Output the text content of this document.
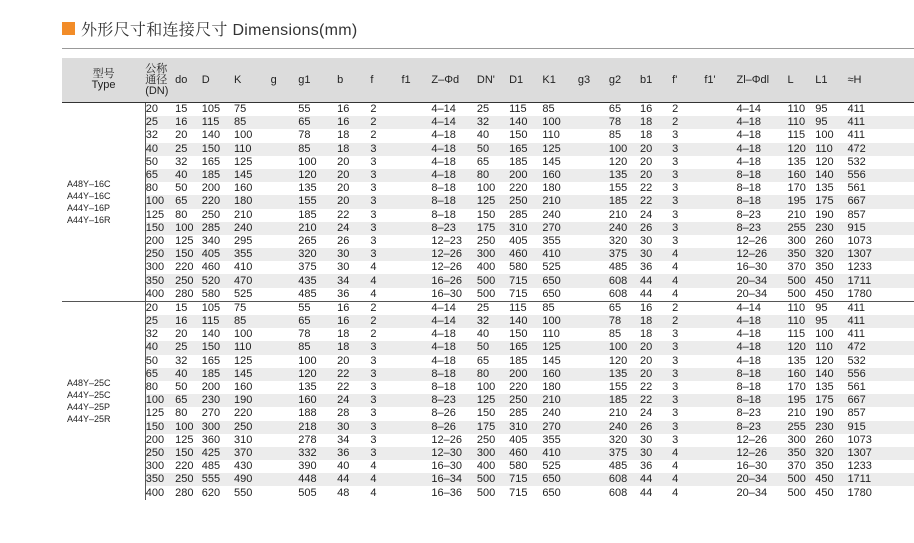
外形尺寸和连接尺寸 Dimensions(mm)
型号
Type	公称
通径
(DN)	do	D	K	g	g1	b	f	f1	Z–Φd	DN'	D1	K1	g3	g2	b1	f'	f1'	Zl–Φdl	L	L1	≈H
A48Y–16C
A44Y–16C
A44Y–16P
A44Y–16R	20	15	105	75		55	16	2		4–14	25	115	85		65	16	2		4–14	110	95	411
	25	16	115	85		65	16	2		4–14	32	140	100		78	18	2		4–18	110	95	411
	32	20	140	100		78	18	2		4–18	40	150	110		85	18	3		4–18	115	100	411
	40	25	150	110		85	18	3		4–18	50	165	125		100	20	3		4–18	120	110	472
	50	32	165	125		100	20	3		4–18	65	185	145		120	20	3		4–18	135	120	532
	65	40	185	145		120	20	3		4–18	80	200	160		135	20	3		8–18	160	140	556
	80	50	200	160		135	20	3		8–18	100	220	180		155	22	3		8–18	170	135	561
	100	65	220	180		155	20	3		8–18	125	250	210		185	22	3		8–18	195	175	667
	125	80	250	210		185	22	3		8–18	150	285	240		210	24	3		8–23	210	190	857
	150	100	285	240		210	24	3		8–23	175	310	270		240	26	3		8–23	255	230	915
	200	125	340	295		265	26	3		12–23	250	405	355		320	30	3		12–26	300	260	1073
	250	150	405	355		320	30	3		12–26	300	460	410		375	30	4		12–26	350	320	1307
	300	220	460	410		375	30	4		12–26	400	580	525		485	36	4		16–30	370	350	1233
	350	250	520	470		435	34	4		16–26	500	715	650		608	44	4		20–34	500	450	1711
	400	280	580	525		485	36	4		16–30	500	715	650		608	44	4		20–34	500	450	1780
A48Y–25C
A44Y–25C
A44Y–25P
A44Y–25R	20	15	105	75		55	16	2		4–14	25	115	85		65	16	2		4–14	110	95	411
	25	16	115	85		65	16	2		4–14	32	140	100		78	18	2		4–18	110	95	411
	32	20	140	100		78	18	2		4–18	40	150	110		85	18	3		4–18	115	100	411
	40	25	150	110		85	18	3		4–18	50	165	125		100	20	3		4–18	120	110	472
	50	32	165	125		100	20	3		4–18	65	185	145		120	20	3		4–18	135	120	532
	65	40	185	145		120	22	3		8–18	80	200	160		135	20	3		8–18	160	140	556
	80	50	200	160		135	22	3		8–18	100	220	180		155	22	3		8–18	170	135	561
	100	65	230	190		160	24	3		8–23	125	250	210		185	22	3		8–18	195	175	667
	125	80	270	220		188	28	3		8–26	150	285	240		210	24	3		8–23	210	190	857
	150	100	300	250		218	30	3		8–26	175	310	270		240	26	3		8–23	255	230	915
	200	125	360	310		278	34	3		12–26	250	405	355		320	30	3		12–26	300	260	1073
	250	150	425	370		332	36	3		12–30	300	460	410		375	30	4		12–26	350	320	1307
	300	220	485	430		390	40	4		16–30	400	580	525		485	36	4		16–30	370	350	1233
	350	250	555	490		448	44	4		16–34	500	715	650		608	44	4		20–34	500	450	1711
	400	280	620	550		505	48	4		16–36	500	715	650		608	44	4		20–34	500	450	1780
